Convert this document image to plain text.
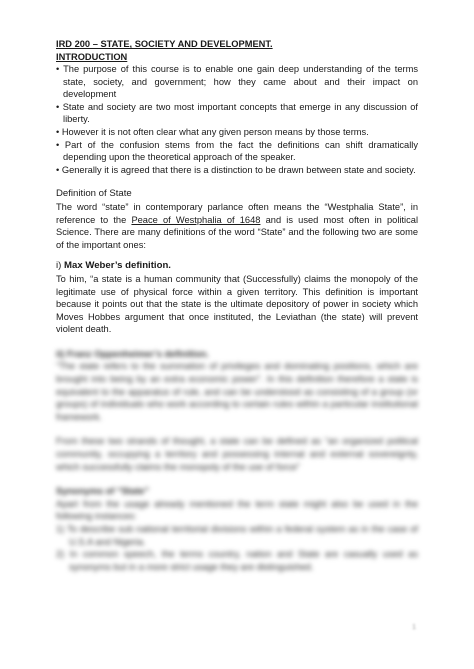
IRD 200 – STATE, SOCIETY AND DEVELOPMENT.
INTRODUCTION
• The purpose of this course is to enable one gain deep understanding of the terms state, society, and government; how they came about and their impact on development
• State and society are two most important concepts that emerge in any discussion of liberty.
• However it is not often clear what any given person means by those terms.
• Part of the confusion stems from the fact the definitions can shift dramatically depending upon the theoretical approach of the speaker.
• Generally it is agreed that there is a distinction to be drawn between state and society.
Definition of State
The word “state” in contemporary parlance often means the “Westphalia State”, in reference to the Peace of Westphalia of 1648 and is used most often in political Science. There are many definitions of the word “State” and the following two are some of the important ones:
i) Max Weber’s definition.
To him, “a state is a human community that (Successfully) claims the monopoly of the legitimate use of physical force within a given territory. This definition is important because it points out that the state is the ultimate depository of power in society which Moves Hobbes argument that once instituted, the Leviathan (the state) will prevent violent death.
ii) Franz Oppenheimer’s definition.
“The state refers to the summation of privileges and dominating positions, which are brought into being by an extra economic power”. In this definition therefore a state is equivalent to the apparatus of rule, and can be understood as consisting of a group (or groups) of individuals who work according to certain rules within a particular institutional framework.
From these two strands of thought, a state can be defined as “an organized political community, occupying a territory and possessing internal and external sovereignty, which successfully claims the monopoly of the use of force”
Synonyms of “State”
Apart from the usage already mentioned the term state might also be used in the following instances:
1) To describe sub national territorial divisions within a federal system as in the case of U.S.A and Nigeria.
2) In common speech, the terms country, nation and State are casually used as synonyms but in a more strict usage they are distinguished.
1
